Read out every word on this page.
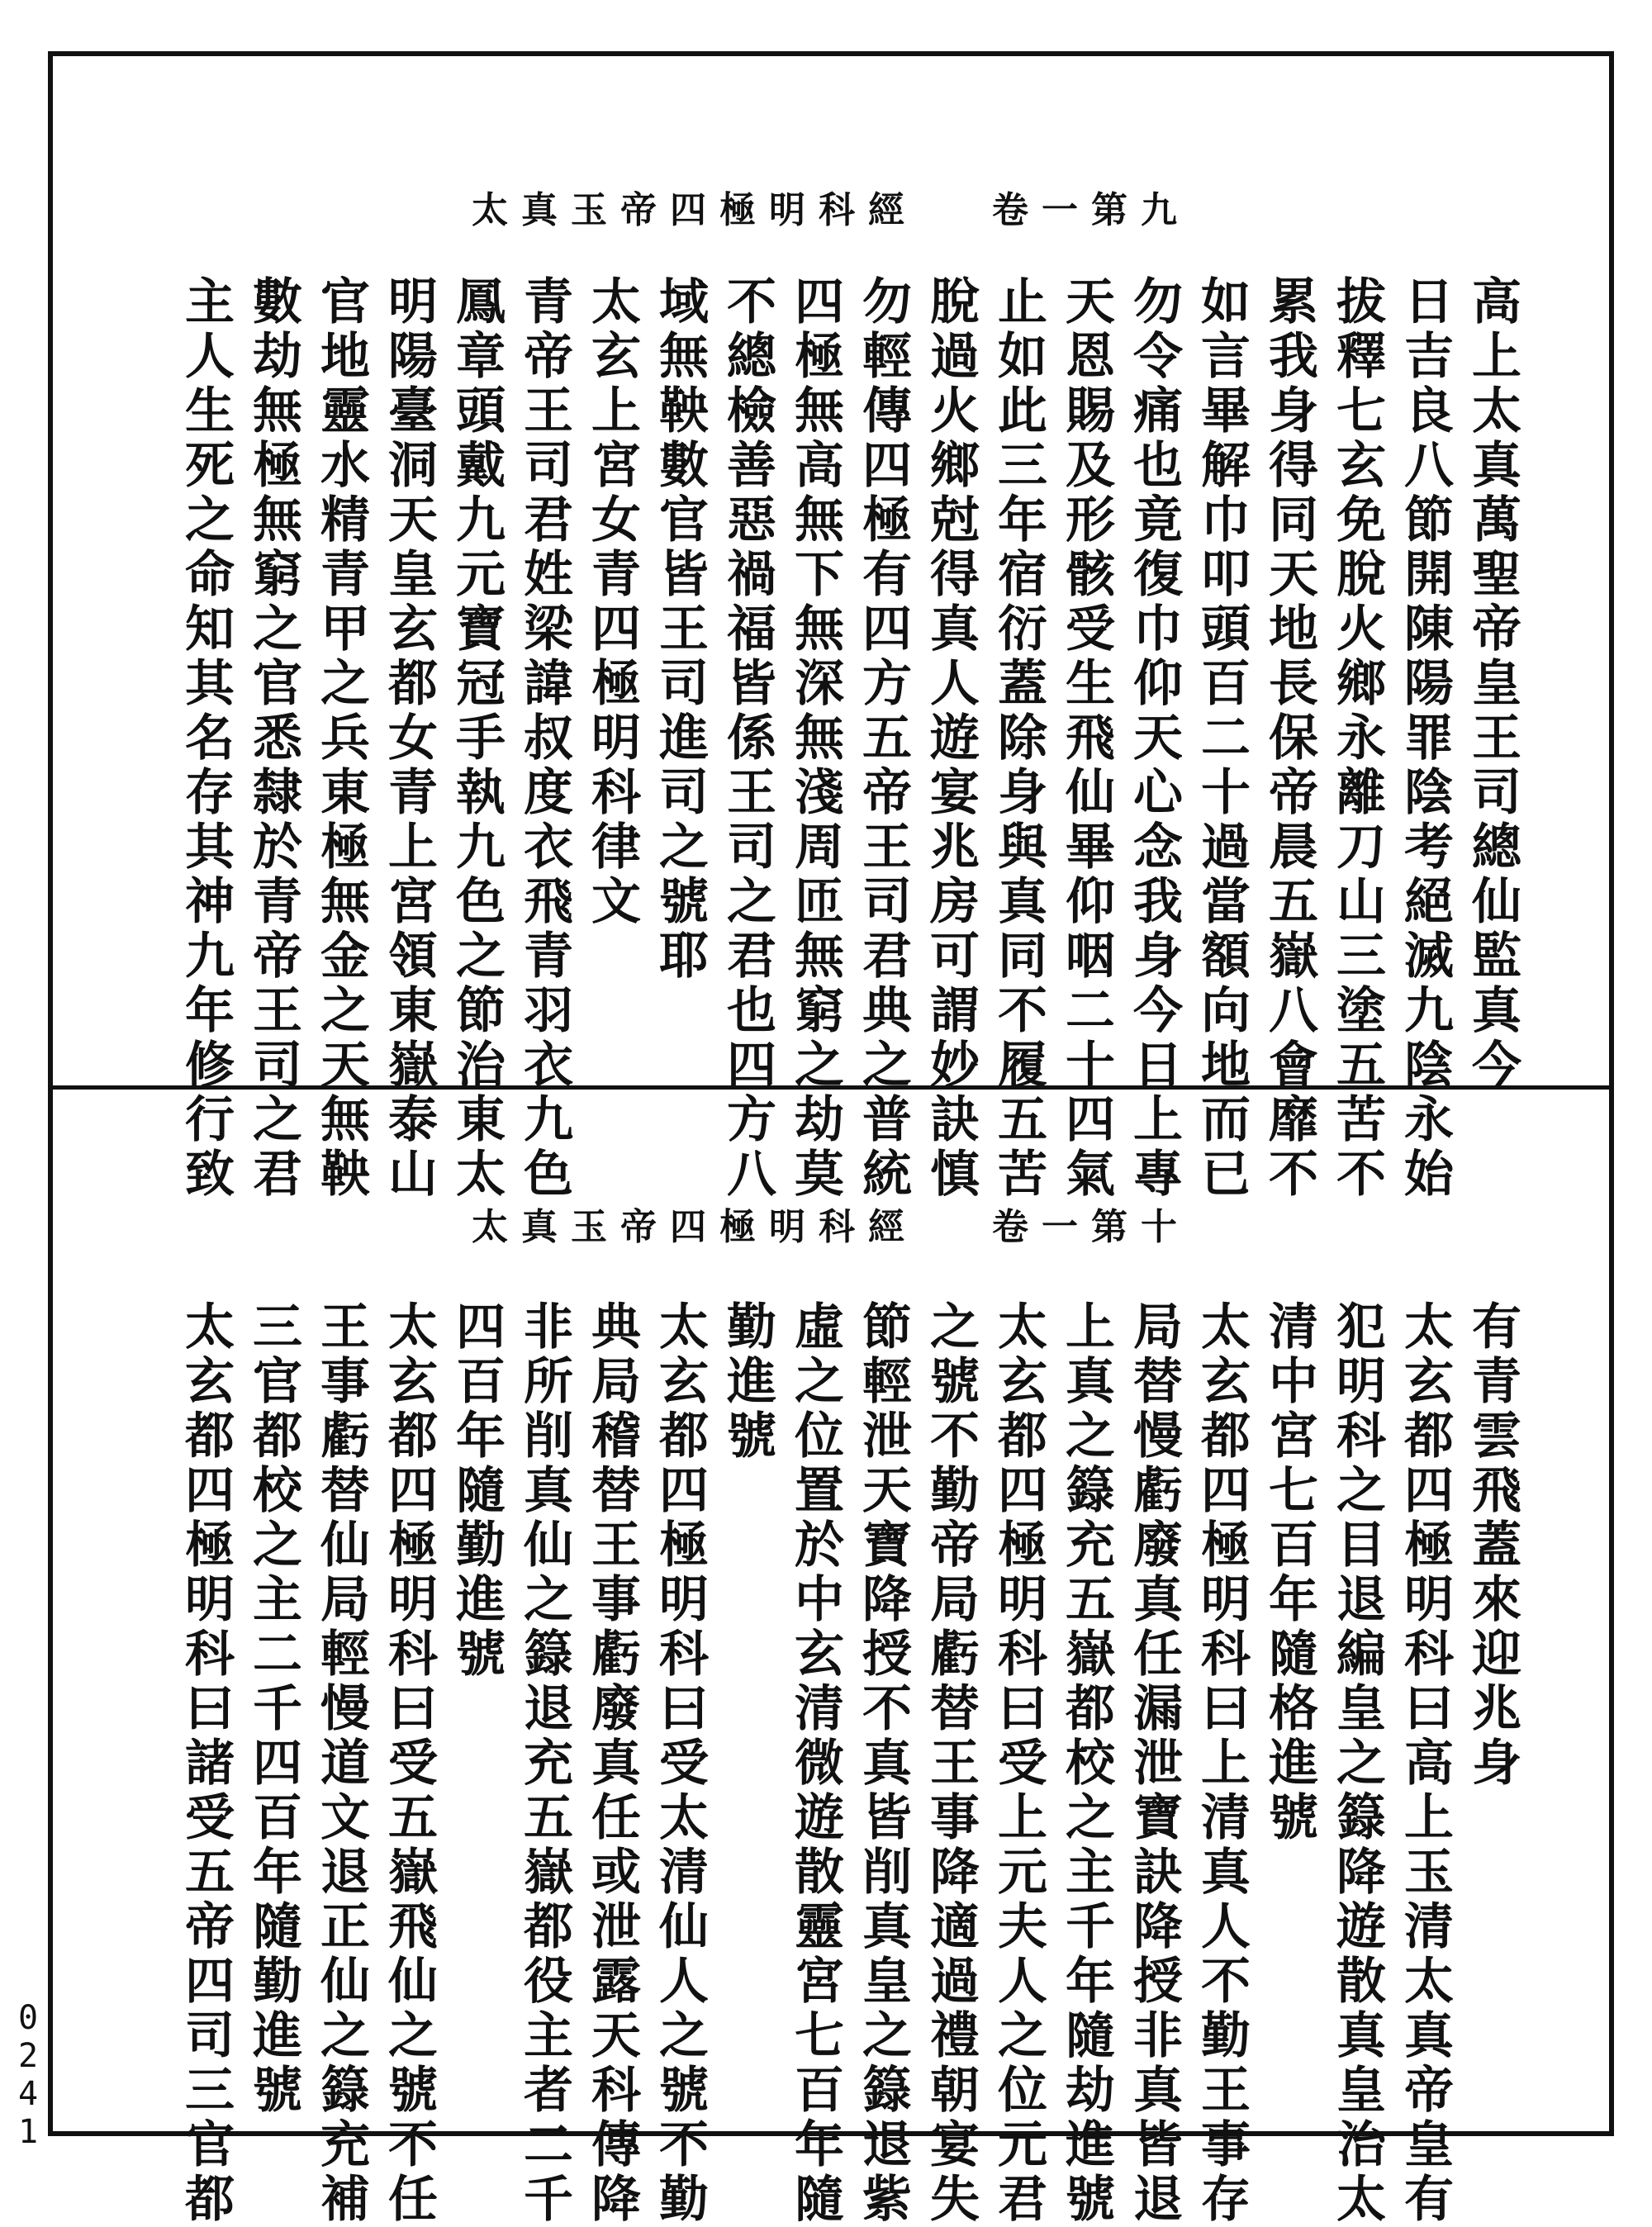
太真玉帝四極明科經 卷一第九
高上太真萬聖帝皇王司總仙監真今
日吉良八節開陳陽罪陰考絕滅九陰永始
拔釋七玄免脫火鄉永離刀山三塗五苦不
累我身得同天地長保帝晨五嶽八會靡不
如言畢解巾叩頭百二十過當額向地而已
勿令痛也竟復巾仰天心念我身今日上專
天恩賜及形骸受生飛仙畢仰咽二十四氣
止如此三年宿衍蓋除身與真同不履五苦
脫過火鄉尅得真人遊宴兆房可謂妙訣慎
勿輕傳四極有四方五帝王司君典之普統
四極無高無下無深無淺周匝無窮之劫莫
不總檢善惡禍福皆係王司之君也四方八
域無鞅數官皆王司進司之號耶
太玄上宮女青四極明科律文
青帝王司君姓梁諱叔度衣飛青羽衣九色
鳳章頭戴九元寶冠手執九色之節治東太
明陽臺洞天皇玄都女青上宮領東嶽泰山
官地靈水精青甲之兵東極無金之天無鞅
數劫無極無窮之官悉隸於青帝王司之君
主人生死之命知其名存其神九年修行致
太真玉帝四極明科經 卷一第十
有青雲飛蓋來迎兆身
太玄都四極明科曰高上玉清太真帝皇有
犯明科之目退編皇之籙降遊散真皇治太
清中宮七百年隨格進號
太玄都四極明科曰上清真人不勤王事存
局替慢虧廢真任漏泄寶訣降授非真皆退
上真之籙充五嶽都校之主千年隨劫進號
太玄都四極明科曰受上元夫人之位元君
之號不勤帝局虧替王事降適過禮朝宴失
節輕泄天寶降授不真皆削真皇之籙退紫
虛之位置於中玄清微遊散靈宮七百年隨
勤進號
太玄都四極明科曰受太清仙人之號不勤
典局稽替王事虧廢真任或泄露天科傳降
非所削真仙之籙退充五嶽都役主者二千
四百年隨勤進號
太玄都四極明科曰受五嶽飛仙之號不任
王事虧替仙局輕慢道文退正仙之籙充補
三官都校之主二千四百年隨勤進號
太玄都四極明科曰諸受五帝四司三官都
0241
